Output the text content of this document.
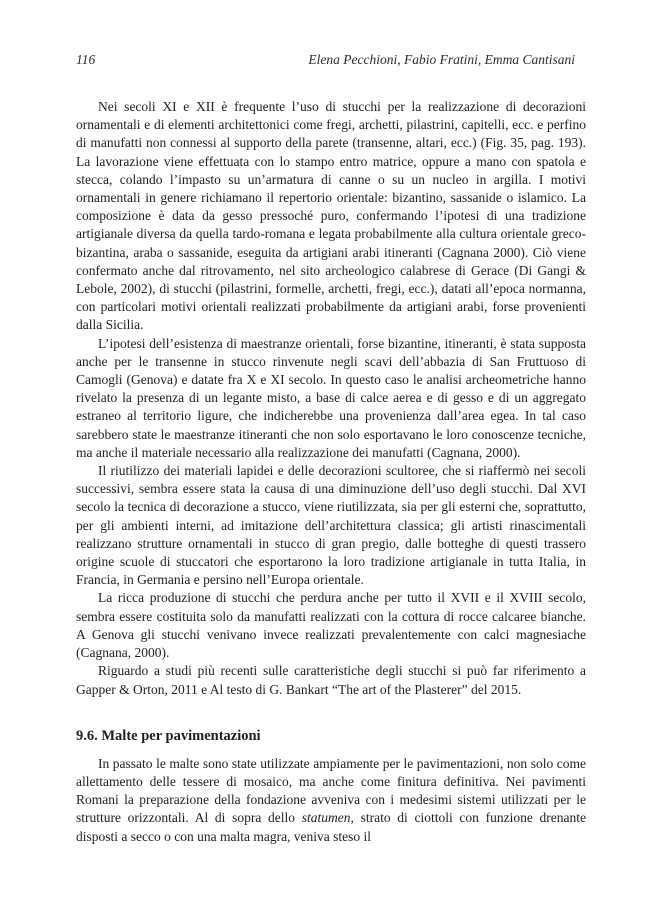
116	Elena Pecchioni, Fabio Fratini, Emma Cantisani

Nei secoli XI e XII è frequente l’uso di stucchi per la realizzazione di decorazioni ornamentali e di elementi architettonici come fregi, archetti, pilastrini, capitelli, ecc. e perfino di manufatti non connessi al supporto della parete (transenne, altari, ecc.) (Fig. 35, pag. 193). La lavorazione viene effettuata con lo stampo entro matrice, oppure a mano con spatola e stecca, colando l’impasto su un’armatura di canne o su un nucleo in argilla. I motivi ornamentali in genere richiamano il repertorio orientale: bizantino, sassanide o islamico. La composizione è data da gesso pressoché puro, confermando l’ipotesi di una tradizione artigianale diversa da quella tardo-romana e legata probabilmente alla cultura orientale greco-bizantina, araba o sassanide, eseguita da artigiani arabi itineranti (Cagnana 2000). Ciò viene confermato anche dal ritrovamento, nel sito archeologico calabrese di Gerace (Di Gangi & Lebole, 2002), di stucchi (pilastrini, formelle, archetti, fregi, ecc.), datati all’epoca normanna, con particolari motivi orientali realizzati probabilmente da artigiani arabi, forse provenienti dalla Sicilia.

L’ipotesi dell’esistenza di maestranze orientali, forse bizantine, itineranti, è stata supposta anche per le transenne in stucco rinvenute negli scavi dell’abbazia di San Fruttuoso di Camogli (Genova) e datate fra X e XI secolo. In questo caso le analisi archeometriche hanno rivelato la presenza di un legante misto, a base di calce aerea e di gesso e di un aggregato estraneo al territorio ligure, che indicherebbe una provenienza dall’area egea. In tal caso sarebbero state le maestranze itineranti che non solo esportavano le loro conoscenze tecniche, ma anche il materiale necessario alla realizzazione dei manufatti (Cagnana, 2000).

Il riutilizzo dei materiali lapidei e delle decorazioni scultoree, che si riaffermò nei secoli successivi, sembra essere stata la causa di una diminuzione dell’uso degli stucchi. Dal XVI secolo la tecnica di decorazione a stucco, viene riutilizzata, sia per gli esterni che, soprattutto, per gli ambienti interni, ad imitazione dell’architettura classica; gli artisti rinascimentali realizzano strutture ornamentali in stucco di gran pregio, dalle botteghe di questi trassero origine scuole di stuccatori che esportarono la loro tradizione artigianale in tutta Italia, in Francia, in Germania e persino nell’Europa orientale.

La ricca produzione di stucchi che perdura anche per tutto il XVII e il XVIII secolo, sembra essere costituita solo da manufatti realizzati con la cottura di rocce calcaree bianche. A Genova gli stucchi venivano invece realizzati prevalentemente con calci magnesiache (Cagnana, 2000).

Riguardo a studi più recenti sulle caratteristiche degli stucchi si può far riferimento a Gapper & Orton, 2011 e Al testo di G. Bankart “The art of the Plasterer” del 2015.

9.6. Malte per pavimentazioni

In passato le malte sono state utilizzate ampiamente per le pavimentazioni, non solo come allettamento delle tessere di mosaico, ma anche come finitura definitiva. Nei pavimenti Romani la preparazione della fondazione avveniva con i medesimi sistemi utilizzati per le strutture orizzontali. Al di sopra dello statumen, strato di ciottoli con funzione drenante disposti a secco o con una malta magra, veniva steso il
